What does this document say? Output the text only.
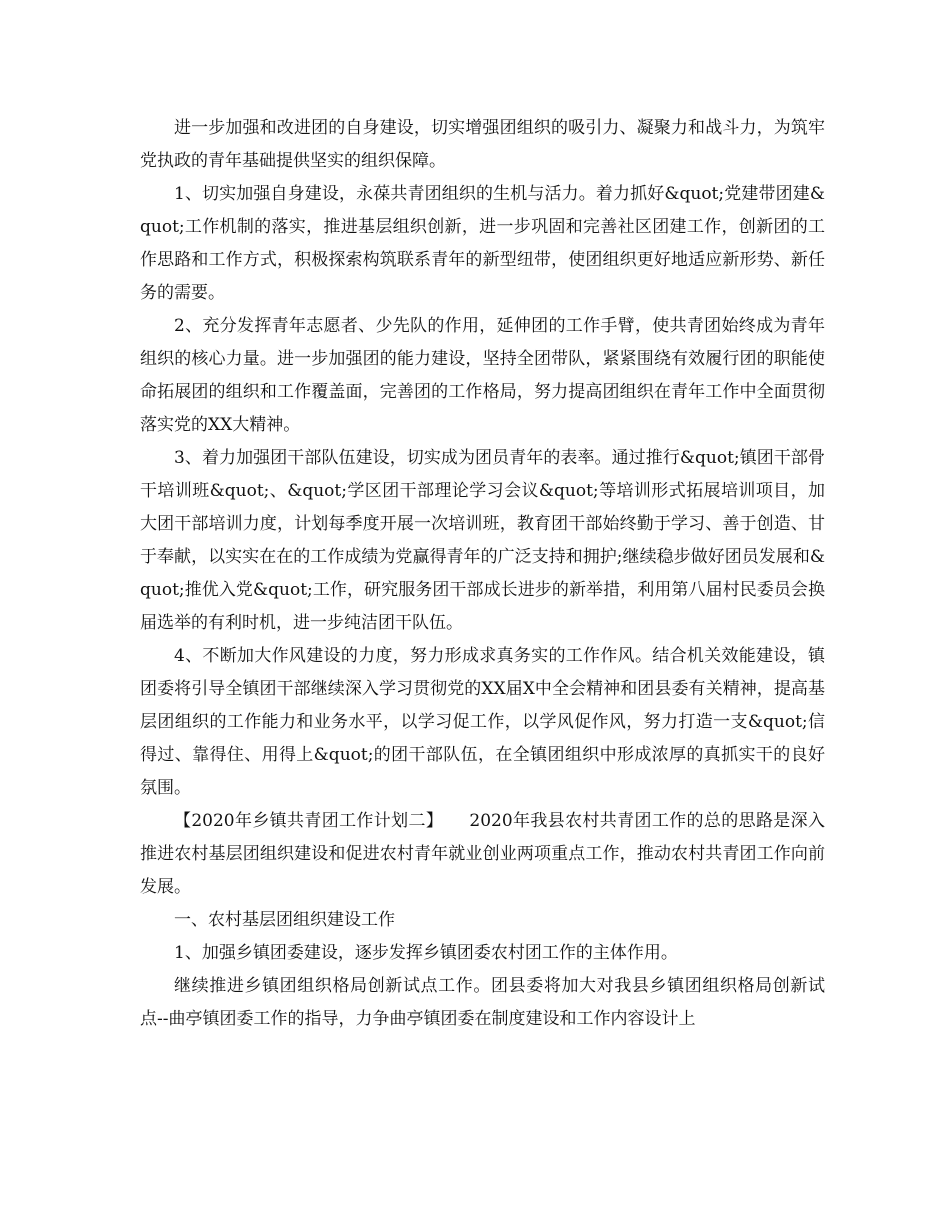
进一步加强和改进团的自身建设，切实增强团组织的吸引力、凝聚力和战斗力，为筑牢党执政的青年基础提供坚实的组织保障。

1、切实加强自身建设，永葆共青团组织的生机与活力。着力抓好&quot;党建带团建&quot;工作机制的落实，推进基层组织创新，进一步巩固和完善社区团建工作，创新团的工作思路和工作方式，积极探索构筑联系青年的新型纽带，使团组织更好地适应新形势、新任务的需要。

2、充分发挥青年志愿者、少先队的作用，延伸团的工作手臂，使共青团始终成为青年组织的核心力量。进一步加强团的能力建设，坚持全团带队，紧紧围绕有效履行团的职能使命拓展团的组织和工作覆盖面，完善团的工作格局，努力提高团组织在青年工作中全面贯彻落实党的XX大精神。

3、着力加强团干部队伍建设，切实成为团员青年的表率。通过推行&quot;镇团干部骨干培训班&quot;、&quot;学区团干部理论学习会议&quot;等培训形式拓展培训项目，加大团干部培训力度，计划每季度开展一次培训班，教育团干部始终勤于学习、善于创造、甘于奉献，以实实在在的工作成绩为党赢得青年的广泛支持和拥护;继续稳步做好团员发展和&quot;推优入党&quot;工作，研究服务团干部成长进步的新举措，利用第八届村民委员会换届选举的有利时机，进一步纯洁团干队伍。

4、不断加大作风建设的力度，努力形成求真务实的工作作风。结合机关效能建设，镇团委将引导全镇团干部继续深入学习贯彻党的XX届X中全会精神和团县委有关精神，提高基层团组织的工作能力和业务水平，以学习促工作，以学风促作风，努力打造一支&quot;信得过、靠得住、用得上&quot;的团干部队伍，在全镇团组织中形成浓厚的真抓实干的良好氛围。

【2020年乡镇共青团工作计划二】　　2020年我县农村共青团工作的总的思路是深入推进农村基层团组织建设和促进农村青年就业创业两项重点工作，推动农村共青团工作向前发展。

一、农村基层团组织建设工作

1、加强乡镇团委建设，逐步发挥乡镇团委农村团工作的主体作用。

继续推进乡镇团组织格局创新试点工作。团县委将加大对我县乡镇团组织格局创新试点--曲亭镇团委工作的指导，力争曲亭镇团委在制度建设和工作内容设计上
